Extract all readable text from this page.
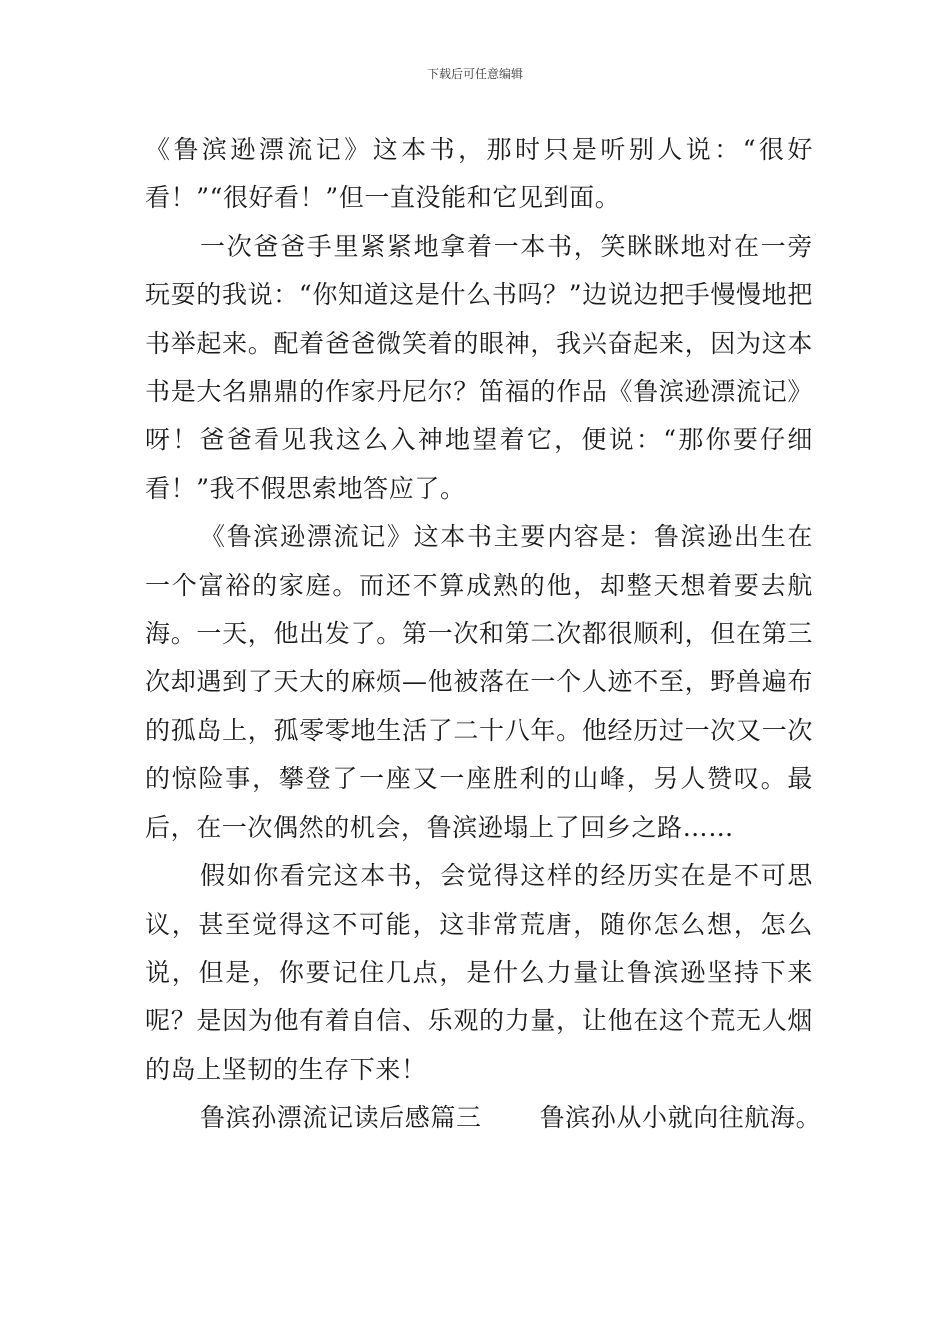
下载后可任意编辑

《鲁滨逊漂流记》这本书，那时只是听别人说：“很好看！”“很好看！”但一直没能和它见到面。

一次爸爸手里紧紧地拿着一本书，笑眯眯地对在一旁玩耍的我说：“你知道这是什么书吗？”边说边把手慢慢地把书举起来。配着爸爸微笑着的眼神，我兴奋起来，因为这本书是大名鼎鼎的作家丹尼尔？笛福的作品《鲁滨逊漂流记》呀！爸爸看见我这么入神地望着它，便说：“那你要仔细看！”我不假思索地答应了。

《鲁滨逊漂流记》这本书主要内容是：鲁滨逊出生在一个富裕的家庭。而还不算成熟的他，却整天想着要去航海。一天，他出发了。第一次和第二次都很顺利，但在第三次却遇到了天大的麻烦—他被落在一个人迹不至，野兽遍布的孤岛上，孤零零地生活了二十八年。他经历过一次又一次的惊险事，攀登了一座又一座胜利的山峰，另人赞叹。最后，在一次偶然的机会，鲁滨逊塌上了回乡之路……

假如你看完这本书，会觉得这样的经历实在是不可思议，甚至觉得这不可能，这非常荒唐，随你怎么想，怎么说，但是，你要记住几点，是什么力量让鲁滨逊坚持下来呢？是因为他有着自信、乐观的力量，让他在这个荒无人烟的岛上坚韧的生存下来！

鲁滨孙漂流记读后感篇三 鲁滨孙从小就向往航海。
